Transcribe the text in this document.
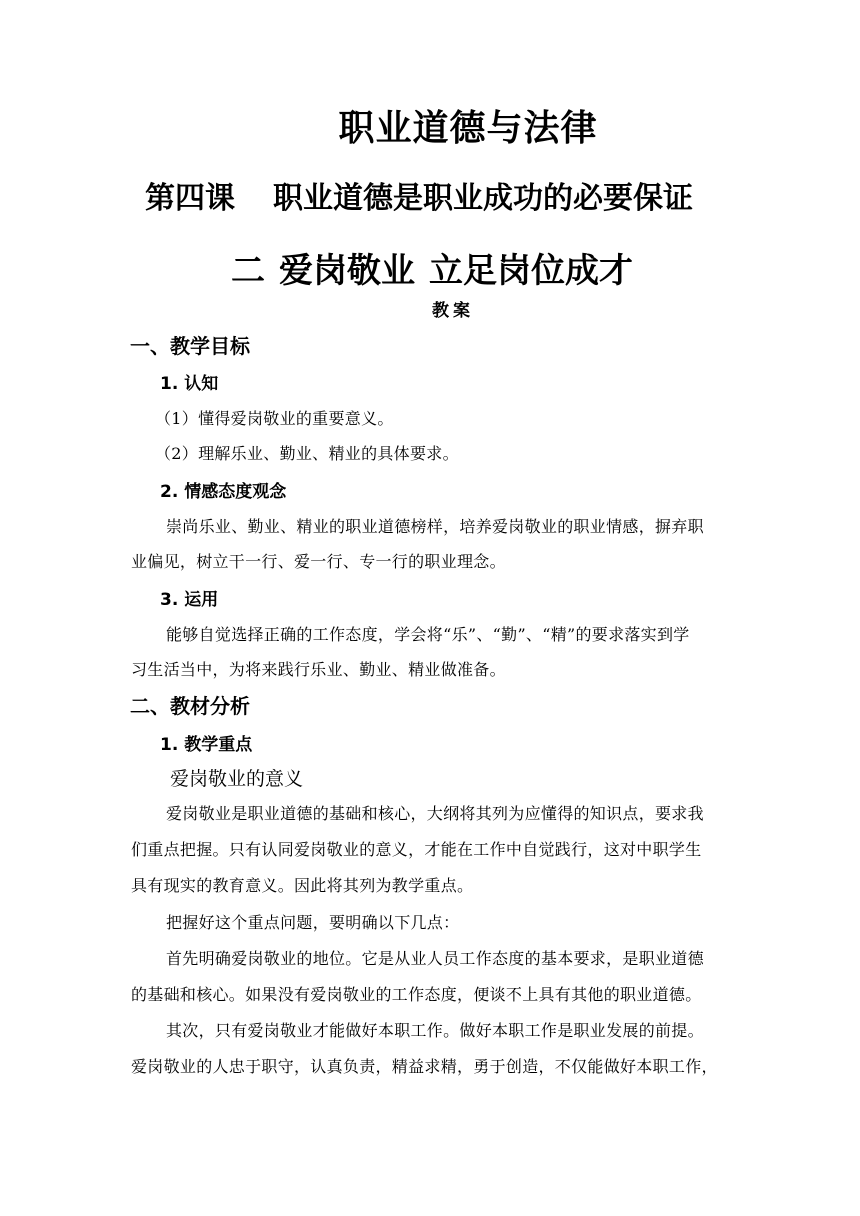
职业道德与法律
第四课 职业道德是职业成功的必要保证
二 爱岗敬业 立足岗位成才
教案
一、教学目标
1. 认知
（1）懂得爱岗敬业的重要意义。
（2）理解乐业、勤业、精业的具体要求。
2. 情感态度观念
崇尚乐业、勤业、精业的职业道德榜样，培养爱岗敬业的职业情感，摒弃职
业偏见，树立干一行、爱一行、专一行的职业理念。
3. 运用
能够自觉选择正确的工作态度，学会将“乐”、“勤”、“精”的要求落实到学
习生活当中，为将来践行乐业、勤业、精业做准备。
二、教材分析
1. 教学重点
爱岗敬业的意义
爱岗敬业是职业道德的基础和核心，大纲将其列为应懂得的知识点，要求我
们重点把握。只有认同爱岗敬业的意义，才能在工作中自觉践行，这对中职学生
具有现实的教育意义。因此将其列为教学重点。
把握好这个重点问题，要明确以下几点：
首先明确爱岗敬业的地位。它是从业人员工作态度的基本要求，是职业道德
的基础和核心。如果没有爱岗敬业的工作态度，便谈不上具有其他的职业道德。
其次，只有爱岗敬业才能做好本职工作。做好本职工作是职业发展的前提。
爱岗敬业的人忠于职守，认真负责，精益求精，勇于创造，不仅能做好本职工作，
